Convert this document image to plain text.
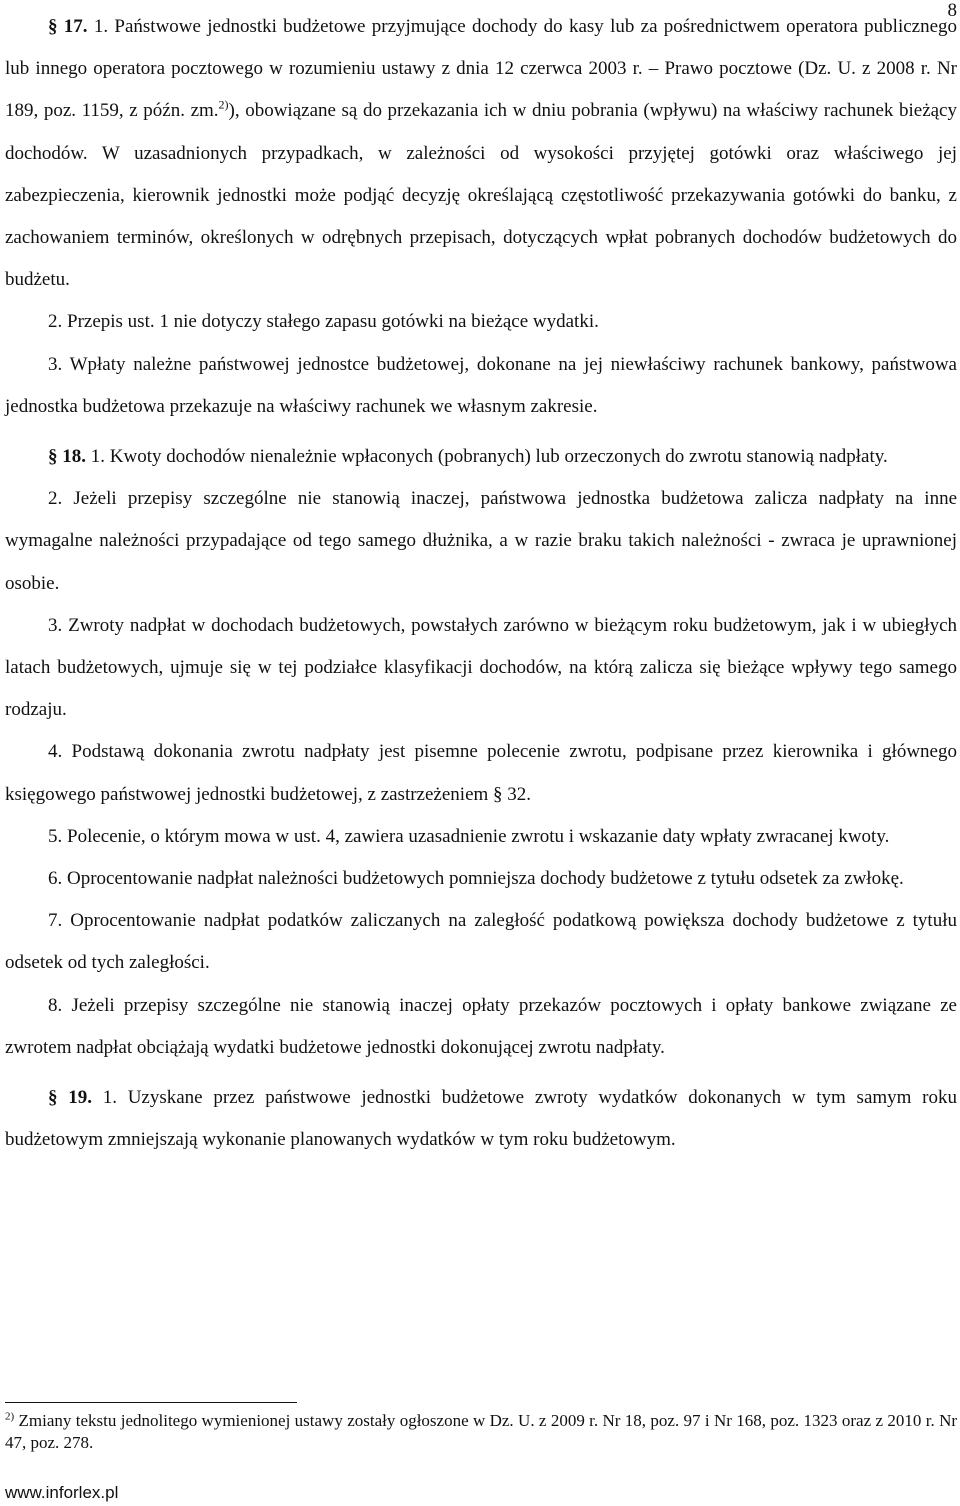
8

§ 17. 1. Państwowe jednostki budżetowe przyjmujące dochody do kasy lub za pośrednictwem operatora publicznego lub innego operatora pocztowego w rozumieniu ustawy z dnia 12 czerwca 2003 r. – Prawo pocztowe (Dz. U. z 2008 r. Nr 189, poz. 1159, z późn. zm.$^{2)}$), obowiązane są do przekazania ich w dniu pobrania (wpływu) na właściwy rachunek bieżący dochodów. W uzasadnionych przypadkach, w zależności od wysokości przyjętej gotówki oraz właściwego jej zabezpieczenia, kierownik jednostki może podjąć decyzję określającą częstotliwość przekazywania gotówki do banku, z zachowaniem terminów, określonych w odrębnych przepisach, dotyczących wpłat pobranych dochodów budżetowych do budżetu.

2. Przepis ust. 1 nie dotyczy stałego zapasu gotówki na bieżące wydatki.

3. Wpłaty należne państwowej jednostce budżetowej, dokonane na jej niewłaściwy rachunek bankowy, państwowa jednostka budżetowa przekazuje na właściwy rachunek we własnym zakresie.

§ 18. 1. Kwoty dochodów nienależnie wpłaconych (pobranych) lub orzeczonych do zwrotu stanowią nadpłaty.

2. Jeżeli przepisy szczególne nie stanowią inaczej, państwowa jednostka budżetowa zalicza nadpłaty na inne wymagalne należności przypadające od tego samego dłużnika, a w razie braku takich należności - zwraca je uprawnionej osobie.

3. Zwroty nadpłat w dochodach budżetowych, powstałych zarówno w bieżącym roku budżetowym, jak i w ubiegłych latach budżetowych, ujmuje się w tej podziałce klasyfikacji dochodów, na którą zalicza się bieżące wpływy tego samego rodzaju.

4. Podstawą dokonania zwrotu nadpłaty jest pisemne polecenie zwrotu, podpisane przez kierownika i głównego księgowego państwowej jednostki budżetowej, z zastrzeżeniem § 32.

5. Polecenie, o którym mowa w ust. 4, zawiera uzasadnienie zwrotu i wskazanie daty wpłaty zwracanej kwoty.

6. Oprocentowanie nadpłat należności budżetowych pomniejsza dochody budżetowe z tytułu odsetek za zwłokę.

7. Oprocentowanie nadpłat podatków zaliczanych na zaległość podatkową powiększa dochody budżetowe z tytułu odsetek od tych zaległości.

8. Jeżeli przepisy szczególne nie stanowią inaczej opłaty przekazów pocztowych i opłaty bankowe związane ze zwrotem nadpłat obciążają wydatki budżetowe jednostki dokonującej zwrotu nadpłaty.

§ 19. 1. Uzyskane przez państwowe jednostki budżetowe zwroty wydatków dokonanych w tym samym roku budżetowym zmniejszają wykonanie planowanych wydatków w tym roku budżetowym.

$^{2)}$ Zmiany tekstu jednolitego wymienionej ustawy zostały ogłoszone w Dz. U. z 2009 r. Nr 18, poz. 97 i Nr 168, poz. 1323 oraz z 2010 r. Nr 47, poz. 278.

www.inforlex.pl
